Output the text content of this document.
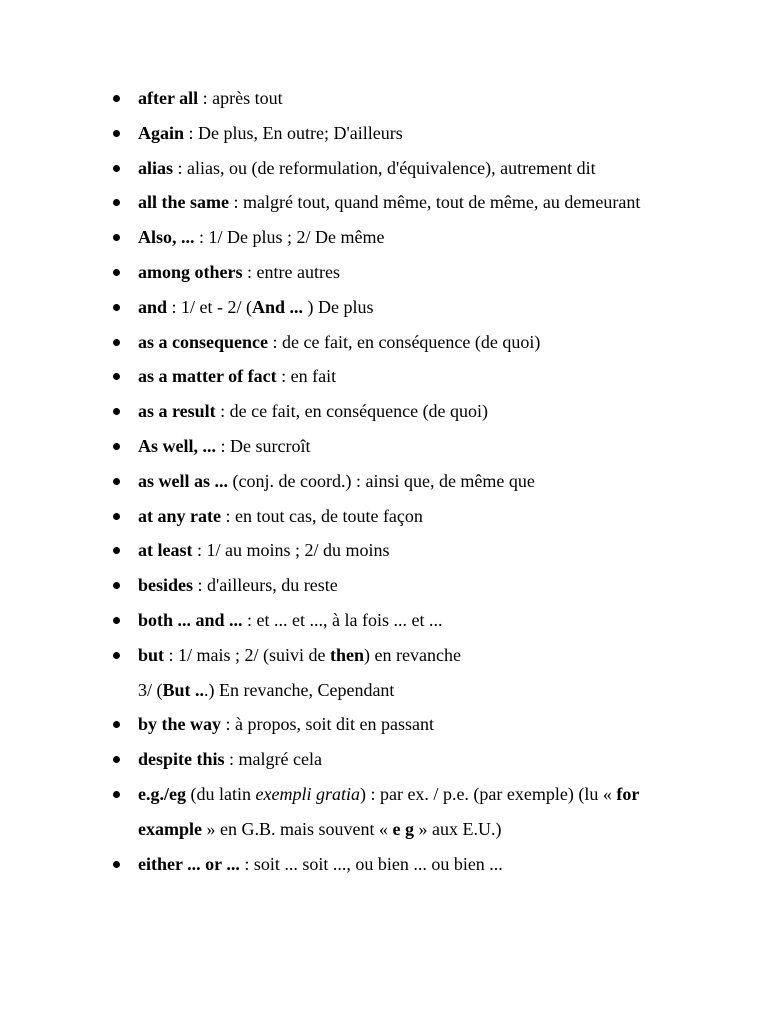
after all : après tout
Again : De plus, En outre; D'ailleurs
alias : alias, ou (de reformulation, d'équivalence), autrement dit
all the same : malgré tout, quand même, tout de même, au demeurant
Also, ... : 1/ De plus ; 2/ De même
among others : entre autres
and : 1/ et - 2/ (And ... ) De plus
as a consequence : de ce fait, en conséquence (de quoi)
as a matter of fact : en fait
as a result : de ce fait, en conséquence (de quoi)
As well, ... : De surcroît
as well as ... (conj. de coord.) : ainsi que, de même que
at any rate : en tout cas, de toute façon
at least : 1/ au moins ; 2/ du moins
besides : d'ailleurs, du reste
both ... and ... : et ... et ..., à la fois ... et ...
but : 1/ mais ; 2/ (suivi de then) en revanche
3/ (But ...) En revanche, Cependant
by the way : à propos, soit dit en passant
despite this : malgré cela
e.g./eg (du latin exempli gratia) : par ex. / p.e. (par exemple) (lu « for example » en G.B. mais souvent « e g » aux E.U.)
either ... or ... : soit ... soit ..., ou bien ... ou bien ...
